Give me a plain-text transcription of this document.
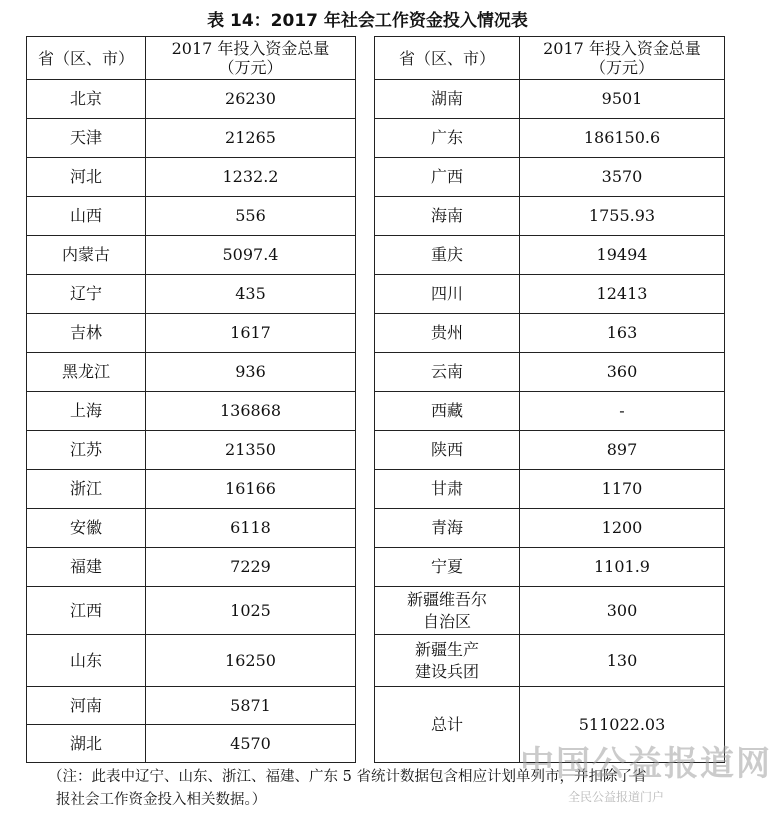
表 14：2017 年社会工作资金投入情况表
省（区、市）	2017 年投入资金总量
（万元）

北京	26230
天津	21265
河北	1232.2
山西	556
内蒙古	5097.4
辽宁	435
吉林	1617
黑龙江	936
上海	136868
江苏	21350
浙江	16166
安徽	6118
福建	7229
江西	1025
山东	16250
河南	5871
湖北	4570
省（区、市）	2017 年投入资金总量
（万元）

湖南	9501
广东	186150.6
广西	3570
海南	1755.93
重庆	19494
四川	12413
贵州	163
云南	360
西藏	-
陕西	897
甘肃	1170
青海	1200
宁夏	1101.9

新疆维吾尔
自治区	300

新疆生产
建设兵团	130
总计	511022.03
（注：此表中辽宁、山东、浙江、福建、广东 5 省统计数据包含相应计划单列市，并扣除了省
报社会工作资金投入相关数据。）
中国公益报道网
全民公益报道门户
